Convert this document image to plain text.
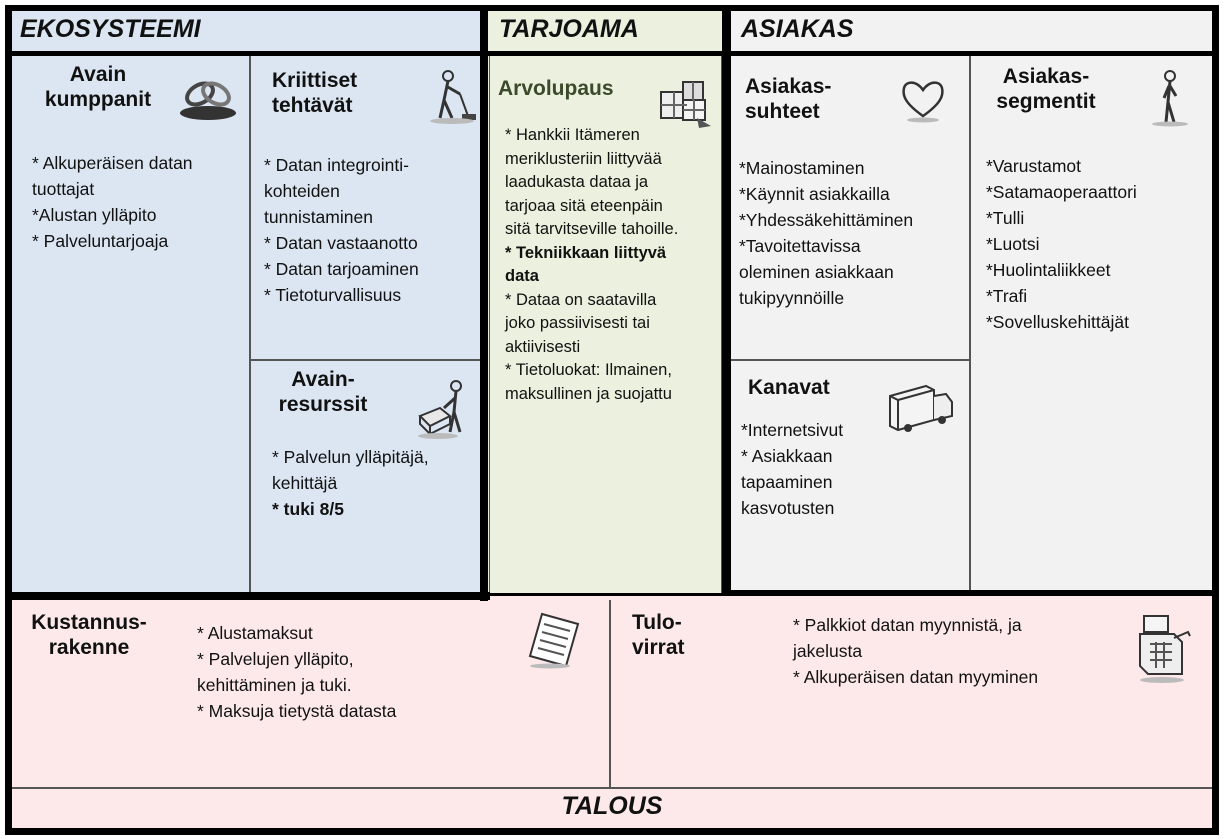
EKOSYSTEEMI	TARJOAMA	ASIAKAS
TALOUS
Avain
kumppanit
* Alkuperäisen datan
tuottajat
*Alustan ylläpito
* Palveluntarjoaja
Kriittiset
tehtävät
* Datan integrointi-
kohteiden
tunnistaminen
* Datan vastaanotto
* Datan tarjoaminen
* Tietoturvallisuus
Avain-
resurssit
* Palvelun ylläpitäjä,
kehittäjä
* tuki 8/5
Arvolupaus
* Hankkii Itämeren
meriklusteriin liittyvää
laadukasta dataa ja
tarjoaa sitä eteenpäin
sitä tarvitseville tahoille.
* Tekniikkaan liittyvä
data
* Dataa on saatavilla
joko passiivisesti tai
aktiivisesti
* Tietoluokat: Ilmainen,
maksullinen ja suojattu
Asiakas-
suhteet
*Mainostaminen
*Käynnit asiakkailla
*Yhdessäkehittäminen
*Tavoitettavissa
oleminen asiakkaan
tukipyynnöille
Kanavat
*Internetsivut
* Asiakkaan
tapaaminen
kasvotusten
Asiakas-
segmentit
*Varustamot
*Satamaoperaattori
*Tulli
*Luotsi
*Huolintaliikkeet
*Trafi
*Sovelluskehittäjät
Kustannus-
rakenne
* Alustamaksut
* Palvelujen ylläpito,
kehittäminen ja tuki.
* Maksuja tietystä datasta
Tulo-
virrat
* Palkkiot datan myynnistä, ja
jakelusta
* Alkuperäisen datan myyminen
